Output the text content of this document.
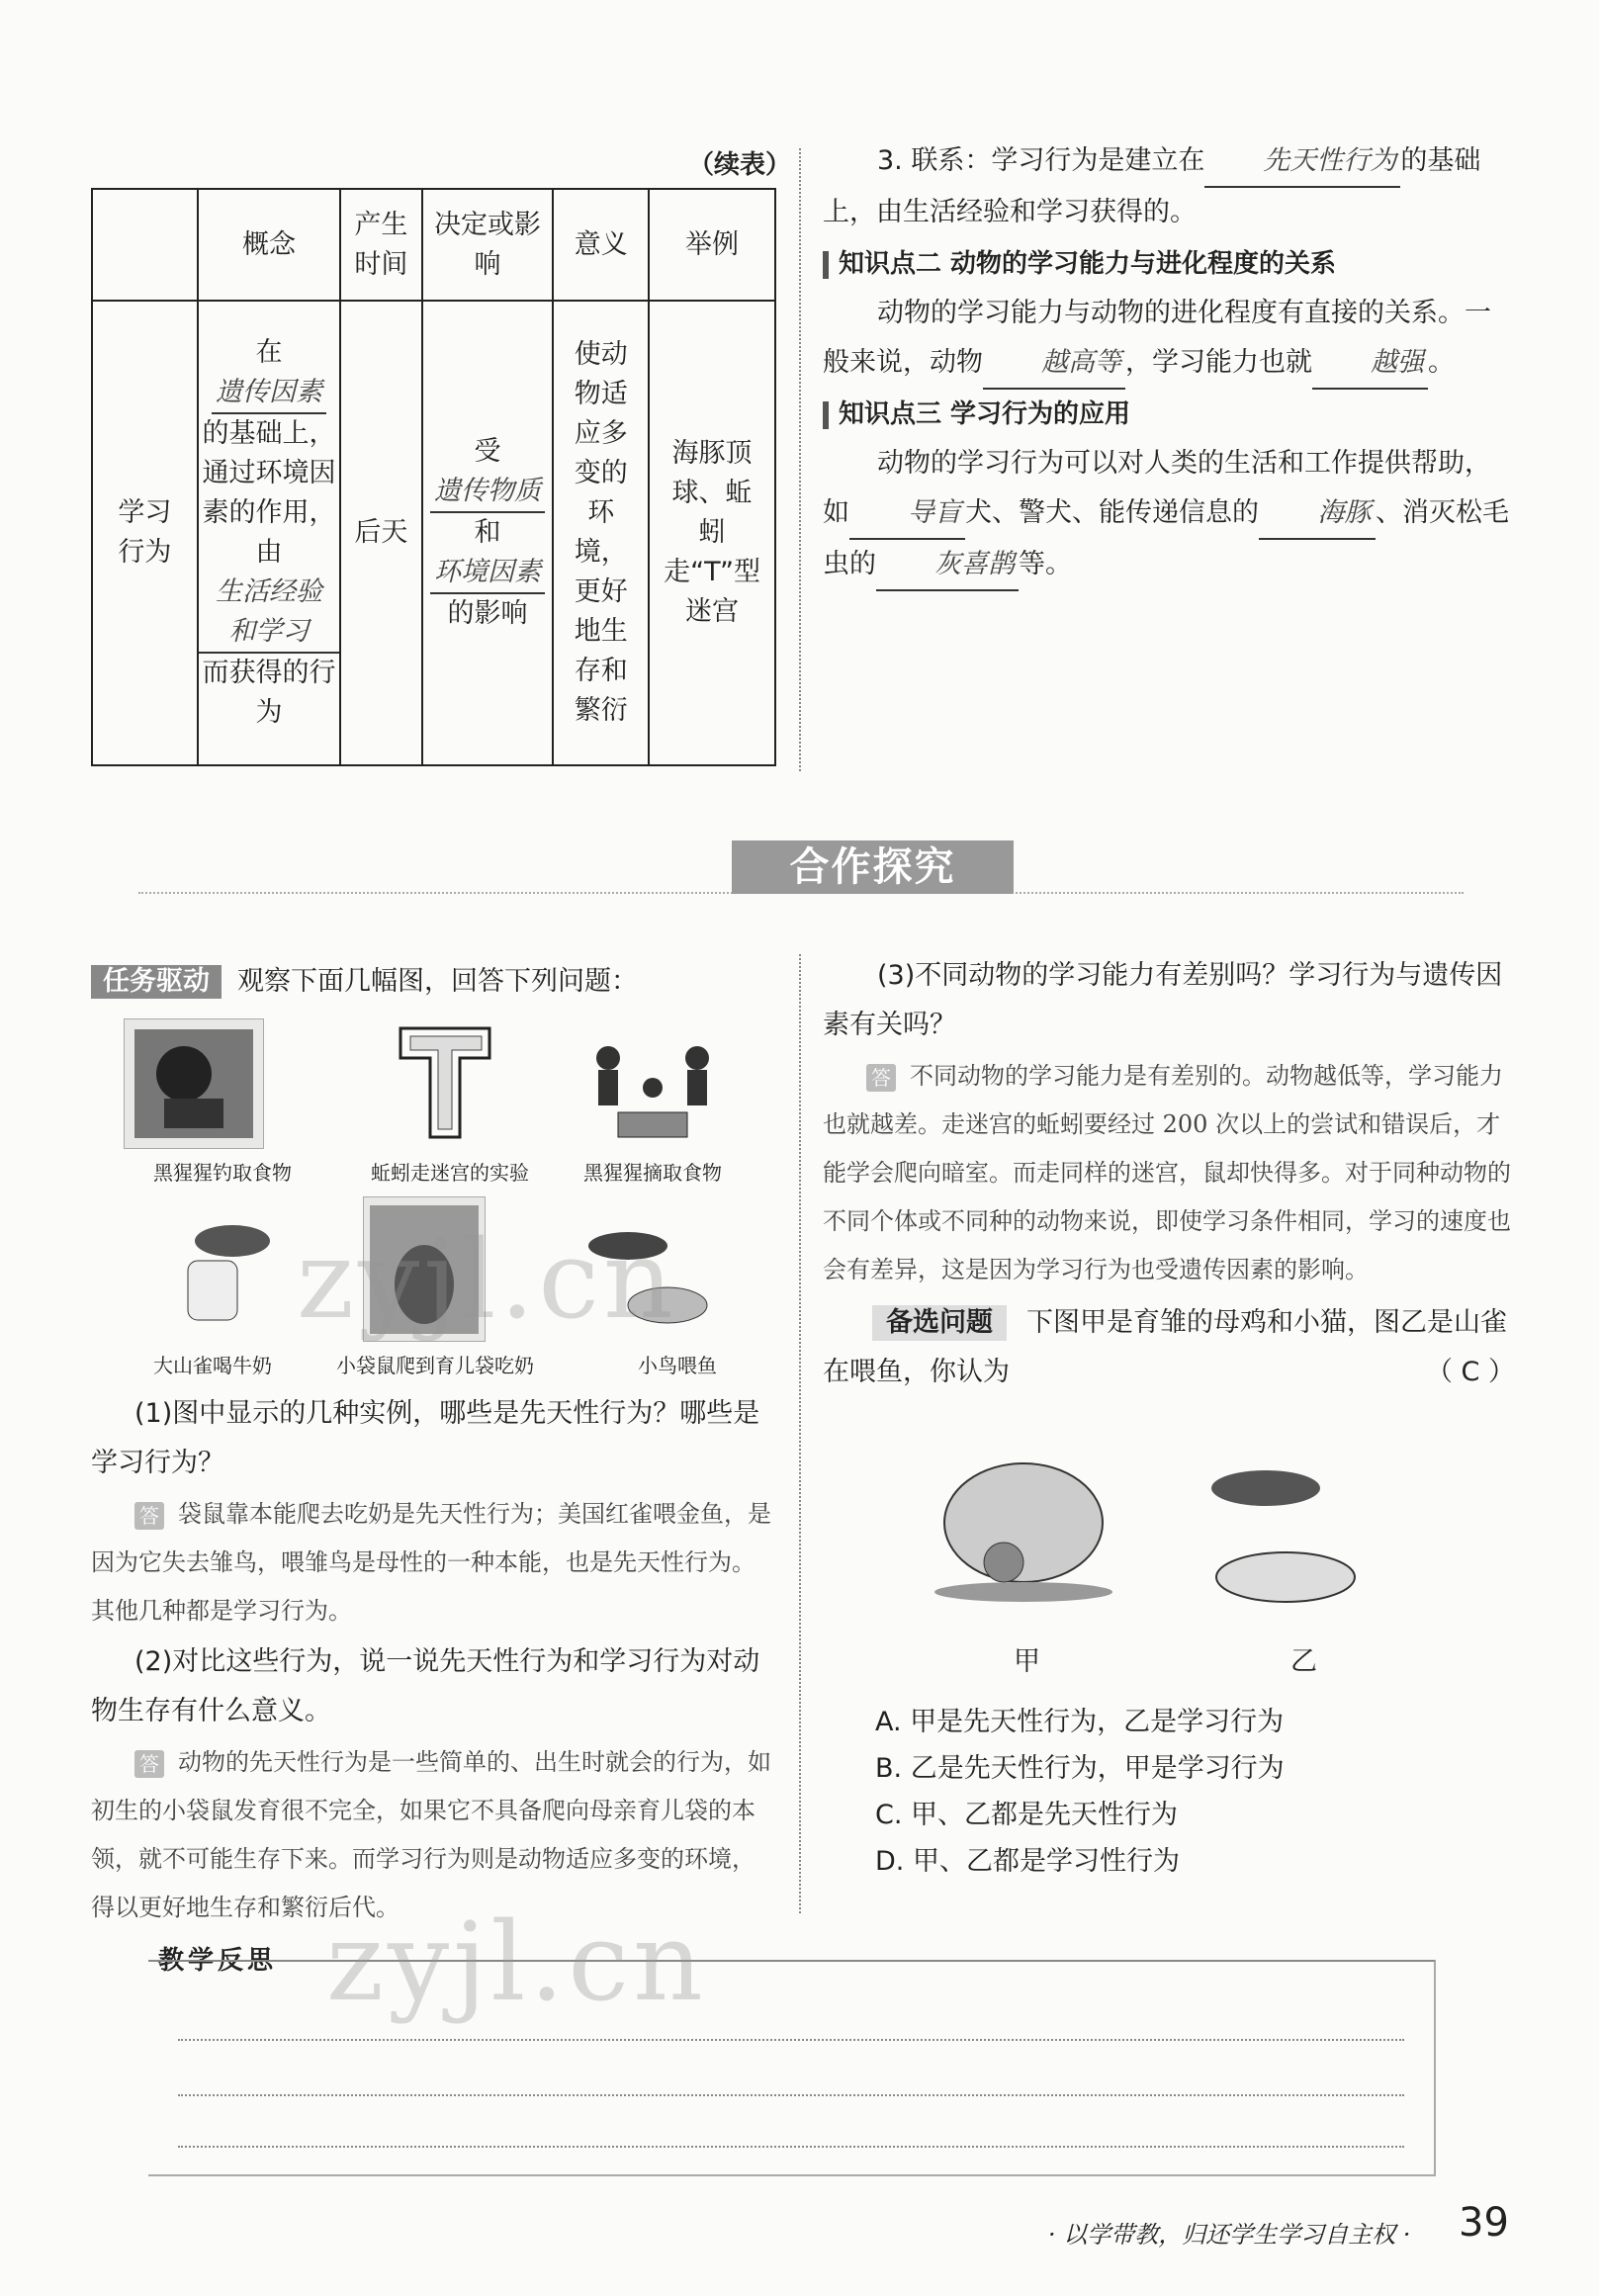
（续表）
	概念	产生时间	决定或影响	意义	举例

学习行为	在遗传因素的基础上，通过环境因素的作用，由生活经验和学习而获得的行为	后天	受遗传物质和环境因素的影响	使动物适应多变的环境，更好地生存和繁衍	海豚顶球、蚯蚓走“T”型迷宫
3. 联系：学习行为是建立在 先天性行为 的基础上，由生活经验和学习获得的。
知识点二 动物的学习能力与进化程度的关系
动物的学习能力与动物的进化程度有直接的关系。一般来说，动物 越高等 ，学习能力也就 越强 。
知识点三 学习行为的应用
动物的学习行为可以对人类的生活和工作提供帮助，如 导盲 犬、警犬、能传递信息的 海豚 、消灭松毛虫的 灰喜鹊 等。
合作探究
任务驱动 观察下面几幅图，回答下列问题：
黑猩猩钓取食物	蚯蚓走迷宫的实验	黑猩猩摘取食物
大山雀喝牛奶	小袋鼠爬到育儿袋吃奶	小鸟喂鱼
(1)图中显示的几种实例，哪些是先天性行为？哪些是学习行为？
答 袋鼠靠本能爬去吃奶是先天性行为；美国红雀喂金鱼，是因为它失去雏鸟，喂雏鸟是母性的一种本能，也是先天性行为。其他几种都是学习行为。
(2)对比这些行为，说一说先天性行为和学习行为对动物生存有什么意义。
答 动物的先天性行为是一些简单的、出生时就会的行为，如初生的小袋鼠发育很不完全，如果它不具备爬向母亲育儿袋的本领，就不可能生存下来。而学习行为则是动物适应多变的环境，得以更好地生存和繁衍后代。
(3)不同动物的学习能力有差别吗？学习行为与遗传因素有关吗？
答 不同动物的学习能力是有差别的。动物越低等，学习能力也就越差。走迷宫的蚯蚓要经过 200 次以上的尝试和错误后，才能学会爬向暗室。而走同样的迷宫，鼠却快得多。对于同种动物的不同个体或不同种的动物来说，即使学习条件相同，学习的速度也会有差异，这是因为学习行为也受遗传因素的影响。
备选问题 下图甲是育雏的母鸡和小猫，图乙是山雀在喂鱼，你认为	（ C ）
甲	乙
A. 甲是先天性行为，乙是学习行为
B. 乙是先天性行为，甲是学习行为
C. 甲、乙都是先天性行为
D. 甲、乙都是学习性行为
教学反思
· 以学带教，归还学生学习自主权 · 39
zyjl.cn
zyjl.cn
